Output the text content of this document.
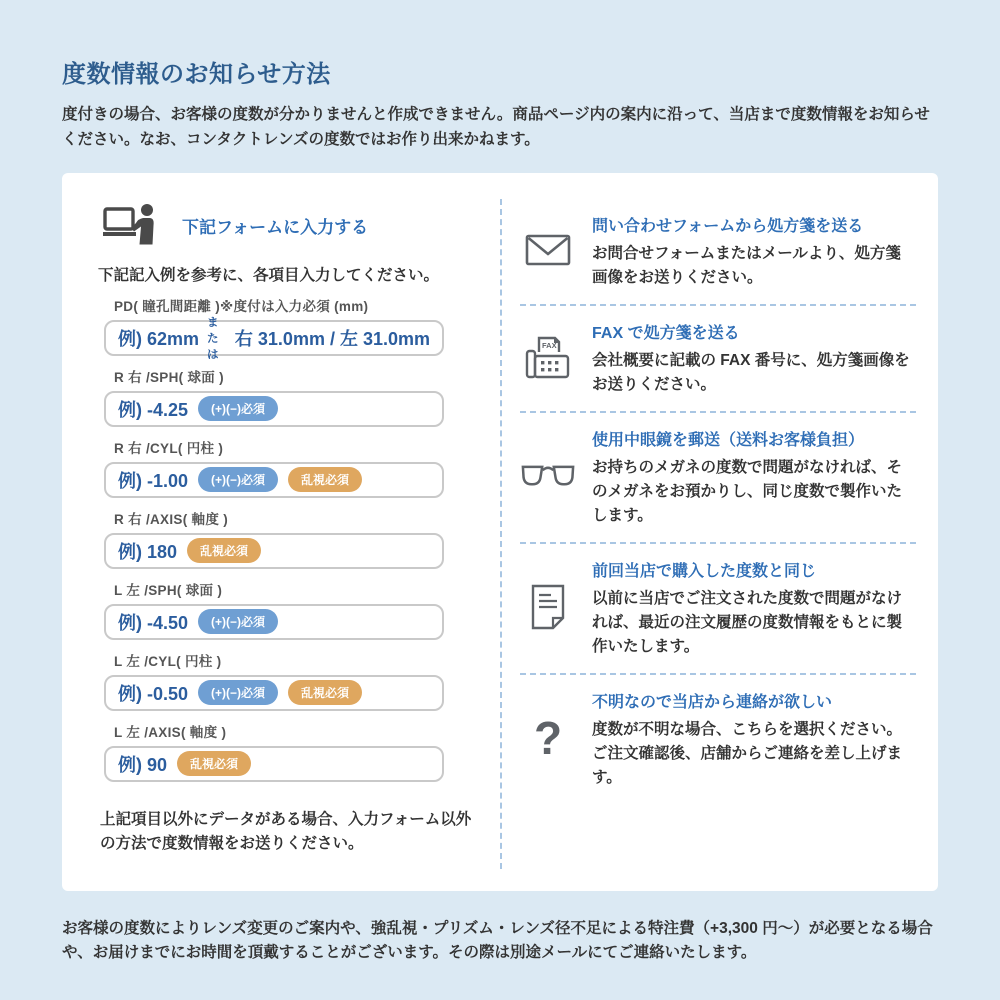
度数情報のお知らせ方法
度付きの場合、お客様の度数が分かりませんと作成できません。商品ページ内の案内に沿って、当店まで度数情報をお知らせください。なお、コンタクトレンズの度数ではお作り出来かねます。
下記フォームに入力する
下記記入例を参考に、各項目入力してください。
PD( 瞳孔間距離 )※度付は入力必須 (mm)
例) 62mm
または
右 31.0mm / 左 31.0mm
R 右 /SPH( 球面 )
例) -4.25	(+)(−)必須
R 右 /CYL( 円柱 )
例) -1.00	(+)(−)必須	乱視必須
R 右 /AXIS( 軸度 )
例) 180	乱視必須
L 左 /SPH( 球面 )
例) -4.50	(+)(−)必須
L 左 /CYL( 円柱 )
例) -0.50	(+)(−)必須	乱視必須
L 左 /AXIS( 軸度 )
例) 90	乱視必須
上記項目以外にデータがある場合、入力フォーム以外の方法で度数情報をお送りください。
問い合わせフォームから処方箋を送る
お問合せフォームまたはメールより、処方箋画像をお送りください。
FAX
FAX で処方箋を送る
会社概要に記載の FAX 番号に、処方箋画像をお送りください。
使用中眼鏡を郵送（送料お客様負担）
お持ちのメガネの度数で問題がなければ、そのメガネをお預かりし、同じ度数で製作いたします。
前回当店で購入した度数と同じ
以前に当店でご注文された度数で問題がなければ、最近の注文履歴の度数情報をもとに製作いたします。
?
不明なので当店から連絡が欲しい
度数が不明な場合、こちらを選択ください。ご注文確認後、店舗からご連絡を差し上げます。
お客様の度数によりレンズ変更のご案内や、強乱視・プリズム・レンズ径不足による特注費（+3,300 円〜）が必要となる場合や、お届けまでにお時間を頂戴することがございます。その際は別途メールにてご連絡いたします。
